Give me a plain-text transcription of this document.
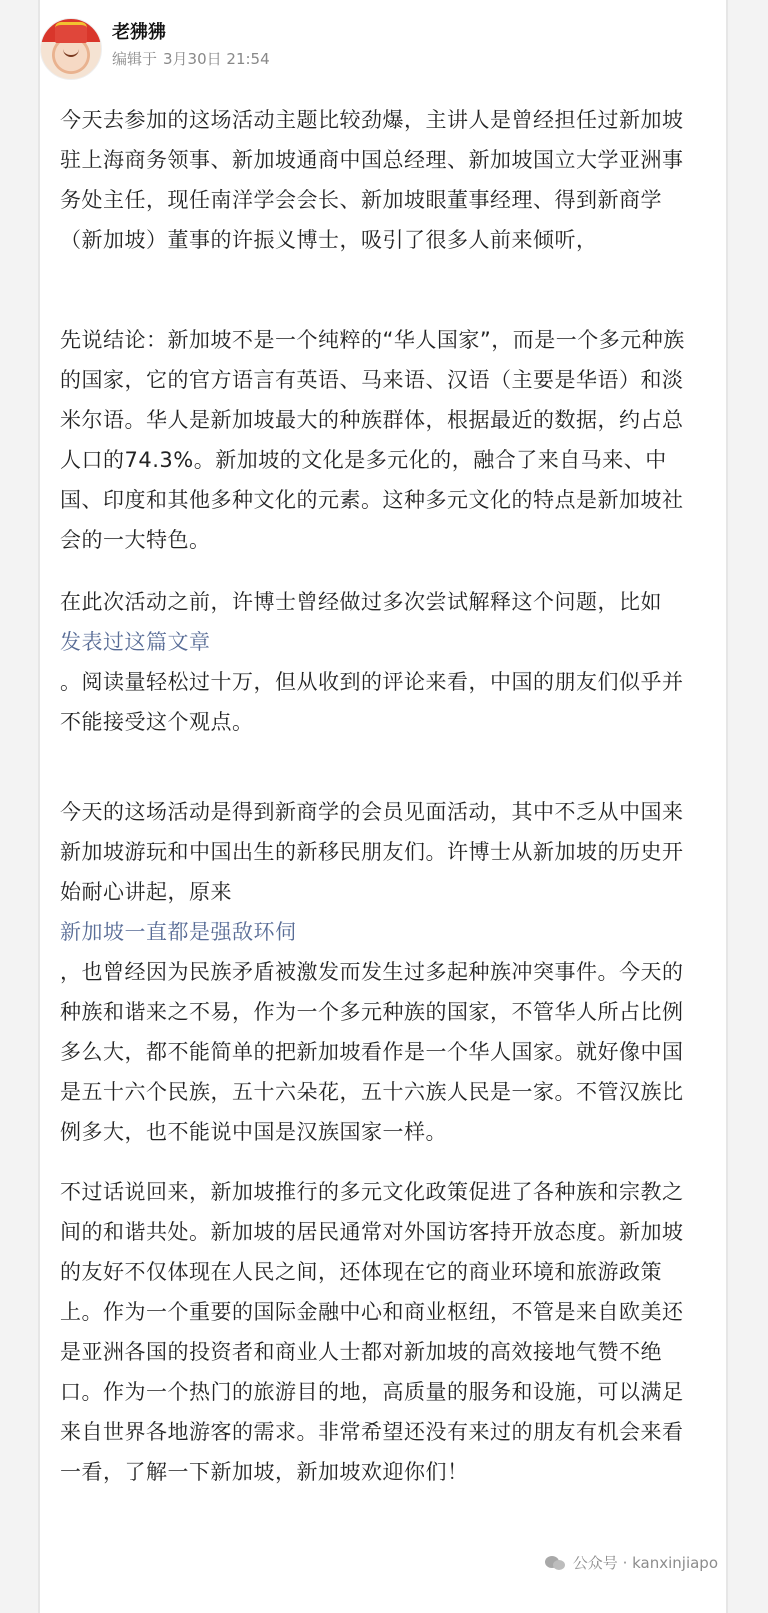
老狒狒
编辑于 3月30日 21:54
今天去参加的这场活动主题比较劲爆，主讲人是曾经担任过新加坡驻上海商务领事、新加坡通商中国总经理、新加坡国立大学亚洲事务处主任，现任南洋学会会长、新加坡眼董事经理、得到新商学（新加坡）董事的许振义博士，吸引了很多人前来倾听，
先说结论：新加坡不是一个纯粹的“华人国家”，而是一个多元种族的国家，它的官方语言有英语、马来语、汉语（主要是华语）和淡米尔语。华人是新加坡最大的种族群体，根据最近的数据，约占总人口的74.3%。新加坡的文化是多元化的，融合了来自马来、中国、印度和其他多种文化的元素。这种多元文化的特点是新加坡社会的一大特色。
在此次活动之前，许博士曾经做过多次尝试解释这个问题，比如
发表过这篇文章
。阅读量轻松过十万，但从收到的评论来看，中国的朋友们似乎并不能接受这个观点。
今天的这场活动是得到新商学的会员见面活动，其中不乏从中国来新加坡游玩和中国出生的新移民朋友们。许博士从新加坡的历史开始耐心讲起，原来
新加坡一直都是强敌环伺
，也曾经因为民族矛盾被激发而发生过多起种族冲突事件。今天的种族和谐来之不易，作为一个多元种族的国家，不管华人所占比例多么大，都不能简单的把新加坡看作是一个华人国家。就好像中国是五十六个民族，五十六朵花，五十六族人民是一家。不管汉族比例多大，也不能说中国是汉族国家一样。
不过话说回来，新加坡推行的多元文化政策促进了各种族和宗教之间的和谐共处。新加坡的居民通常对外国访客持开放态度。新加坡的友好不仅体现在人民之间，还体现在它的商业环境和旅游政策上。作为一个重要的国际金融中心和商业枢纽，不管是来自欧美还是亚洲各国的投资者和商业人士都对新加坡的高效接地气赞不绝口。作为一个热门的旅游目的地，高质量的服务和设施，可以满足来自世界各地游客的需求。非常希望还没有来过的朋友有机会来看一看，了解一下新加坡，新加坡欢迎你们！
公众号 · kanxinjiapo
